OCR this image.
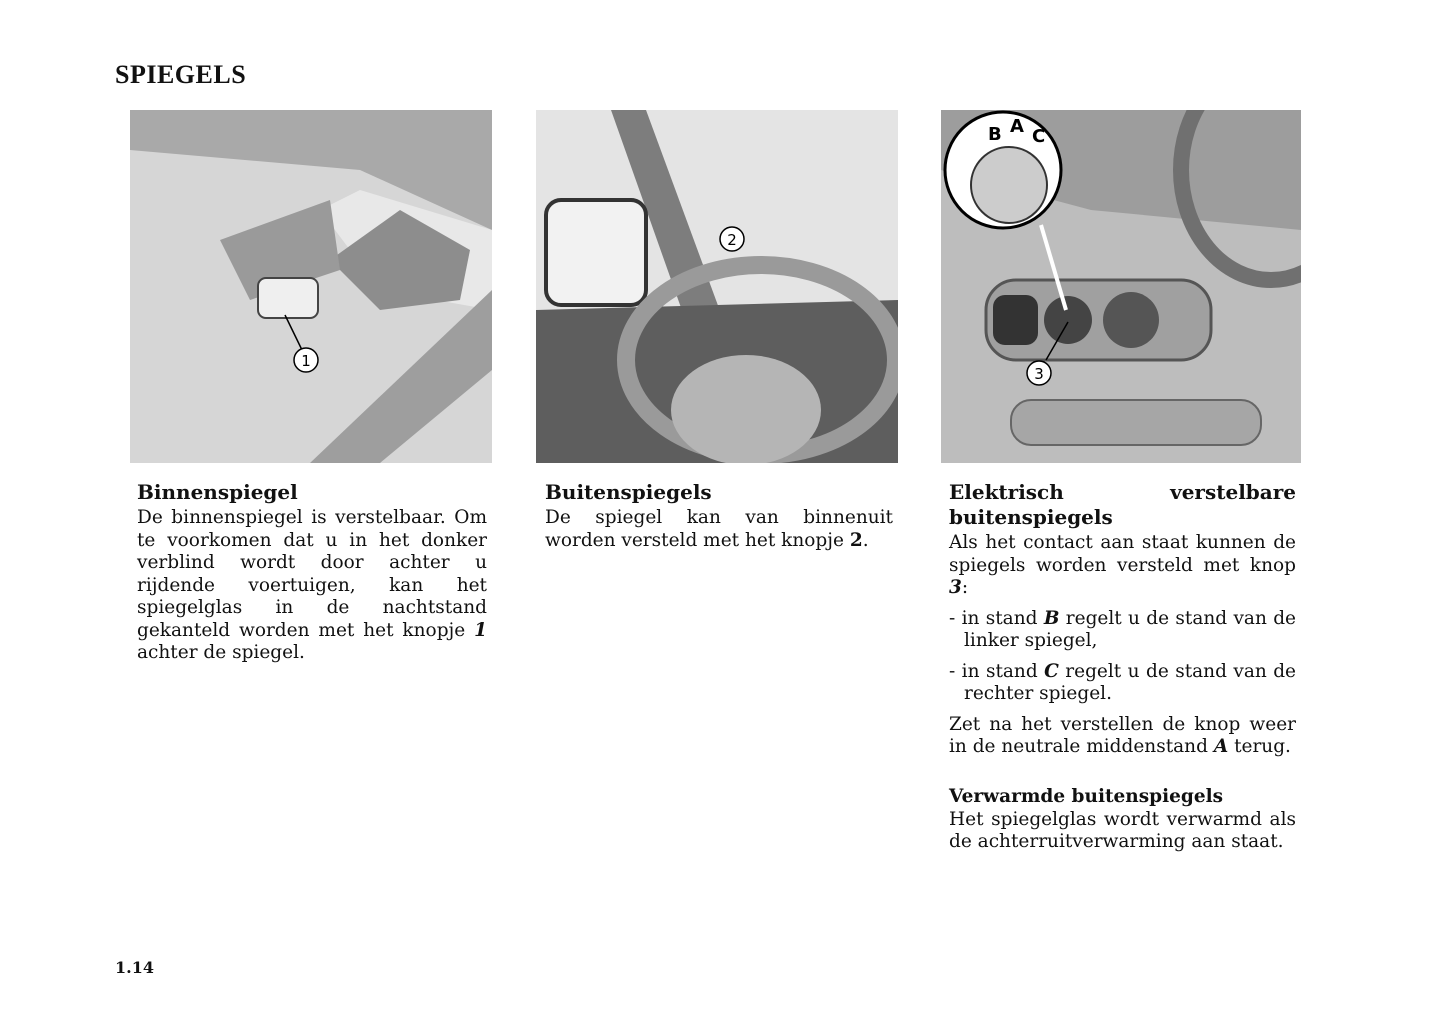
SPIEGELS
1
2
B A C
3
Binnenspiegel

De binnenspiegel is verstelbaar. Om te voorkomen dat u in het donker verblind wordt door achter u rijdende voertuigen, kan het spiegelglas in de nachtstand gekanteld worden met het knopje 1 achter de spiegel.

Buitenspiegels

De spiegel kan van binnenuit worden versteld met het knopje 2.

Elektrisch verstelbare buitenspiegels

Als het contact aan staat kunnen de spiegels worden versteld met knop 3:

- in stand B regelt u de stand van de linker spiegel,
- in stand C regelt u de stand van de rechter spiegel.

Zet na het verstellen de knop weer in de neutrale middenstand A terug.

Verwarmde buitenspiegels

Het spiegelglas wordt verwarmd als de achterruitverwarming aan staat.

1.14
